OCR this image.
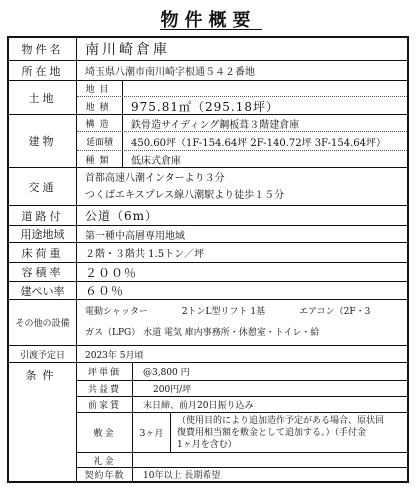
物件概要
物件名	南川崎倉庫
所在地	埼玉県八潮市南川崎字根通５４２番地
土地
地目
地積	975.81㎡（295.18坪）
建物
構造	鉄骨造サイディング鋼板葺３階建倉庫
延面積	450.60坪（1F-154.64坪 2F-140.72坪 3F-154.64坪）
種類	低床式倉庫
交通
首都高速八潮インターより３分
つくばエキスプレス線八潮駅より徒歩１５分
道路付	公道（6m）
用途地域	第一種中高層専用地域
床荷重	２階・３階共 1.5トン／坪
容積率	２００％
建ぺい率	６０％
その他の設備
電動シャッター	2トンL型リフト 1基	エアコン（2F・3
ガス（LPG） 水道 電気 庫内事務所・休憩室・トイレ・給
引渡予定日	2023年 5月頃
条件	坪単価	@3,800 円
共益費	200円/坪
前家賃	末日締、前月20日振り込み
敷金	3ヶ月
（使用目的により追加造作予定がある場合、原状回
復費用相当額を敷金として追加する。）（手付金
1ヶ月を含む）
礼金
契約年数	10年以上 長期希望
